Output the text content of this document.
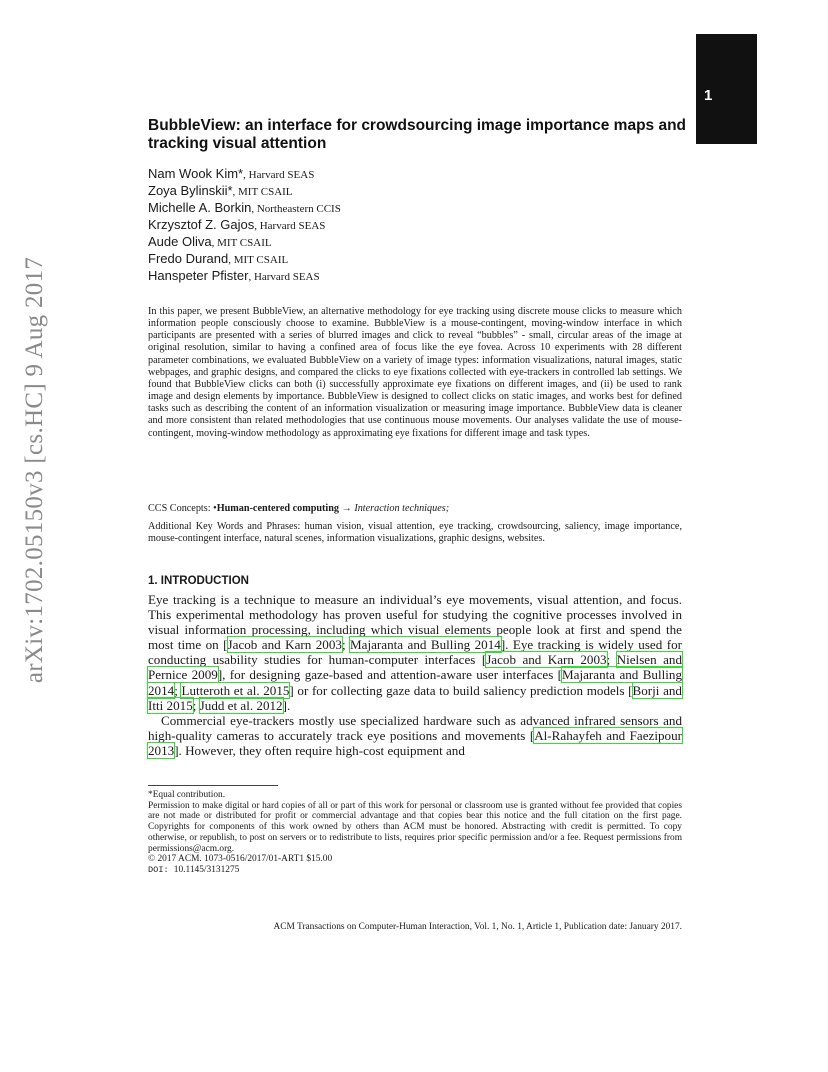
1
arXiv:1702.05150v3 [cs.HC] 9 Aug 2017
BubbleView: an interface for crowdsourcing image importance maps and tracking visual attention
Nam Wook Kim*, Harvard SEAS
Zoya Bylinskii*, MIT CSAIL
Michelle A. Borkin, Northeastern CCIS
Krzysztof Z. Gajos, Harvard SEAS
Aude Oliva, MIT CSAIL
Fredo Durand, MIT CSAIL
Hanspeter Pfister, Harvard SEAS
In this paper, we present BubbleView, an alternative methodology for eye tracking using discrete mouse clicks to measure which information people consciously choose to examine. BubbleView is a mouse-contingent, moving-window interface in which participants are presented with a series of blurred images and click to reveal “bubbles” - small, circular areas of the image at original resolution, similar to having a confined area of focus like the eye fovea. Across 10 experiments with 28 different parameter combinations, we evaluated BubbleView on a variety of image types: information visualizations, natural images, static webpages, and graphic designs, and compared the clicks to eye fixations collected with eye-trackers in controlled lab settings. We found that BubbleView clicks can both (i) successfully approximate eye fixations on different images, and (ii) be used to rank image and design elements by importance. BubbleView is designed to collect clicks on static images, and works best for defined tasks such as describing the content of an information visualization or measuring image importance. BubbleView data is cleaner and more consistent than related methodologies that use continuous mouse movements. Our analyses validate the use of mouse-contingent, moving-window methodology as approximating eye fixations for different image and task types.
CCS Concepts: •Human-centered computing → Interaction techniques;
Additional Key Words and Phrases: human vision, visual attention, eye tracking, crowdsourcing, saliency, image importance, mouse-contingent interface, natural scenes, information visualizations, graphic designs, websites.
1. INTRODUCTION

Eye tracking is a technique to measure an individual’s eye movements, visual attention, and focus. This experimental methodology has proven useful for studying the cognitive processes involved in visual information processing, including which visual elements people look at first and spend the most time on [Jacob and Karn 2003; Majaranta and Bulling 2014]. Eye tracking is widely used for conducting usability studies for human-computer interfaces [Jacob and Karn 2003; Nielsen and Pernice 2009], for designing gaze-based and attention-aware user interfaces [Majaranta and Bulling 2014; Lutteroth et al. 2015] or for collecting gaze data to build saliency prediction models [Borji and Itti 2015; Judd et al. 2012].

Commercial eye-trackers mostly use specialized hardware such as advanced infrared sensors and high-quality cameras to accurately track eye positions and movements [Al-Rahayfeh and Faezipour 2013]. However, they often require high-cost equipment and

*Equal contribution.
Permission to make digital or hard copies of all or part of this work for personal or classroom use is granted without fee provided that copies are not made or distributed for profit or commercial advantage and that copies bear this notice and the full citation on the first page. Copyrights for components of this work owned by others than ACM must be honored. Abstracting with credit is permitted. To copy otherwise, or republish, to post on servers or to redistribute to lists, requires prior specific permission and/or a fee. Request permissions from permissions@acm.org.
© 2017 ACM. 1073-0516/2017/01-ART1 $15.00
DOI: 10.1145/3131275
ACM Transactions on Computer-Human Interaction, Vol. 1, No. 1, Article 1, Publication date: January 2017.
